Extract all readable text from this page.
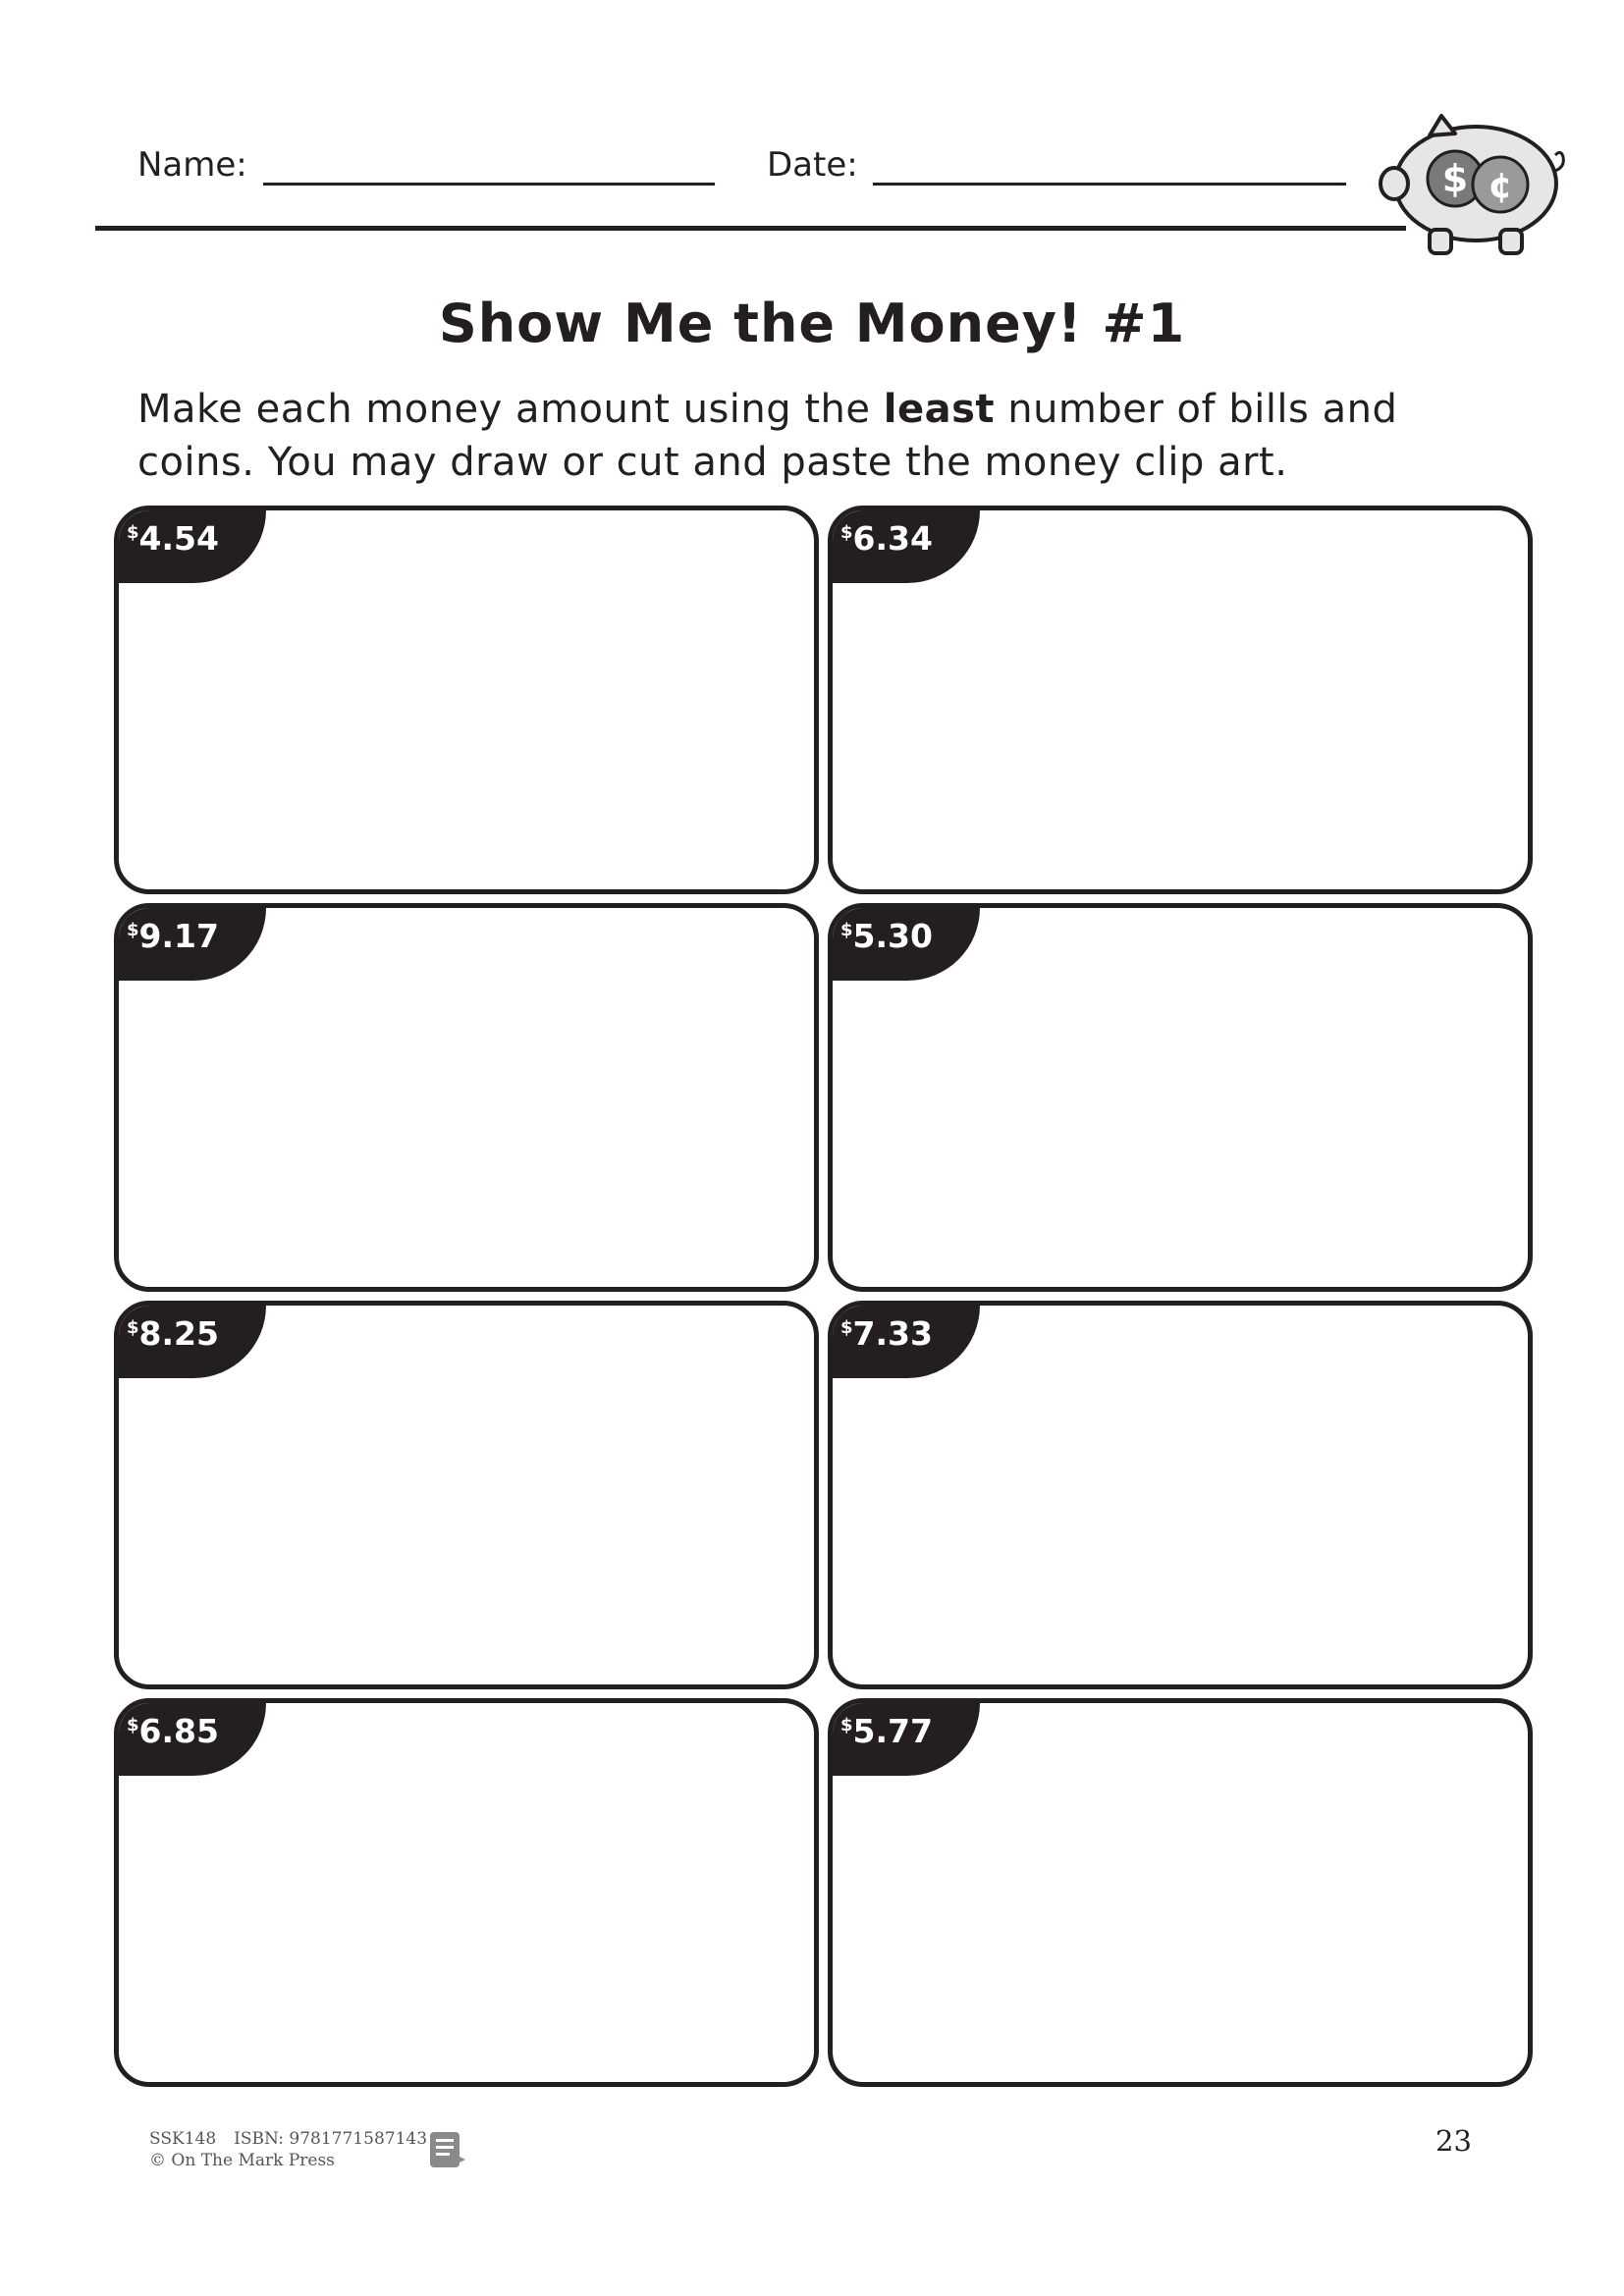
Name:	Date:	$ ¢
Show Me the Money! #1
Make each money amount using the least number of bills and coins. You may draw or cut and paste the money clip art.
$4.54	$6.34
$9.17	$5.30
$8.25	$7.33
$6.85	$5.77
SSK148 ISBN: 9781771587143
© On The Mark Press
23
